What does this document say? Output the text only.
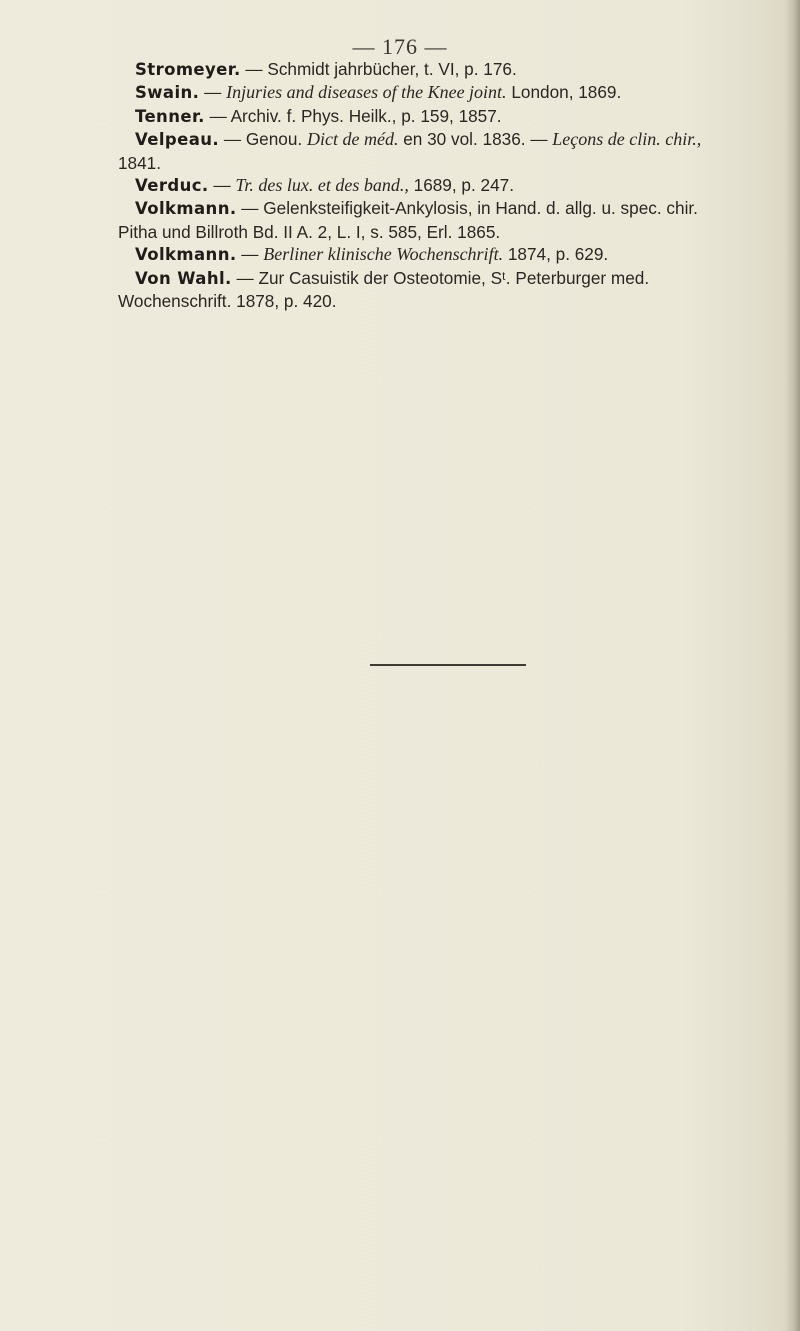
— 176 —

Stromeyer. — Schmidt jahrbücher, t. VI, p. 176.

Swain. — Injuries and diseases of the Knee joint. London, 1869.

Tenner. — Archiv. f. Phys. Heilk., p. 159, 1857.

Velpeau. — Genou. Dict de méd. en 30 vol. 1836. — Leçons de clin. chir., 1841.

Verduc. — Tr. des lux. et des band., 1689, p. 247.

Volkmann. — Gelenksteifigkeit-Ankylosis, in Hand. d. allg. u. spec. chir. Pitha und Billroth Bd. II A. 2, L. I, s. 585, Erl. 1865.

Volkmann. — Berliner klinische Wochenschrift. 1874, p. 629.

Von Wahl. — Zur Casuistik der Osteotomie, Sᵗ. Peterburger med. Wochenschrift. 1878, p. 420.
